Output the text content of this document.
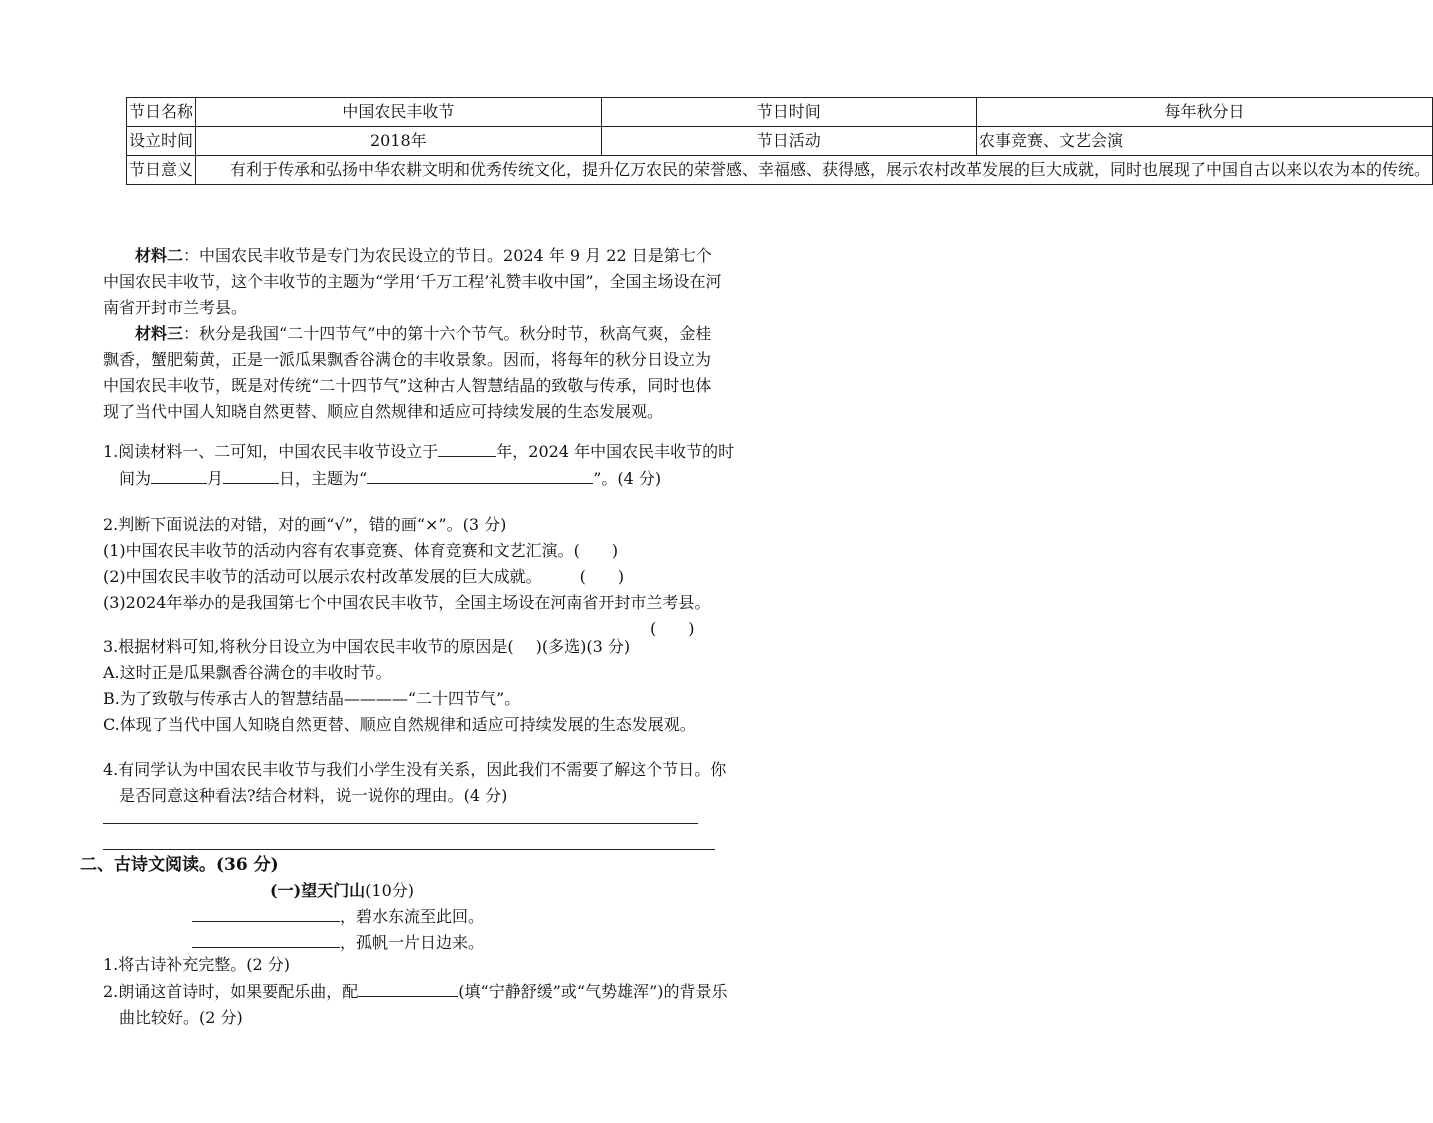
节日名称	中国农民丰收节	节日时间	每年秋分日
设立时间	2018年	节日活动	农事竞赛、文艺会演
节日意义	有利于传承和弘扬中华农耕文明和优秀传统文化，提升亿万农民的荣誉感、幸福感、获得感，展示农村改革发展的巨大成就，同时也展现了中国自古以来以农为本的传统。		

材料二：中国农民丰收节是专门为农民设立的节日。2024 年 9 月 22 日是第七个中国农民丰收节，这个丰收节的主题为“学用‘千万工程’礼赞丰收中国”，全国主场设在河南省开封市兰考县。

材料三：秋分是我国“二十四节气”中的第十六个节气。秋分时节，秋高气爽，金桂飘香，蟹肥菊黄，正是一派瓜果飘香谷满仓的丰收景象。因而，将每年的秋分日设立为中国农民丰收节，既是对传统“二十四节气”这种古人智慧结晶的致敬与传承，同时也体现了当代中国人知晓自然更替、顺应自然规律和适应可持续发展的生态发展观。

1.阅读材料一、二可知，中国农民丰收节设立于	年，2024 年中国农民丰收节的时间为	月	日，主题为“	”。(4 分)

2.判断下面说法的对错，对的画“√”，错的画“×”。(3 分)

(1)中国农民丰收节的活动内容有农事竞赛、体育竞赛和文艺汇演。( )

(2)中国农民丰收节的活动可以展示农村改革发展的巨大成就。 ( )

(3)2024年举办的是我国第七个中国农民丰收节，全国主场设在河南省开封市兰考县。

( )

3.根据材料可知,将秋分日设立为中国农民丰收节的原因是( )(多选)(3 分)

A.这时正是瓜果飘香谷满仓的丰收时节。

B.为了致敬与传承古人的智慧结晶————“二十四节气”。

C.体现了当代中国人知晓自然更替、顺应自然规律和适应可持续发展的生态发展观。

4.有同学认为中国农民丰收节与我们小学生没有关系，因此我们不需要了解这个节日。你是否同意这种看法?结合材料，说一说你的理由。(4 分)

二、古诗文阅读。(36 分)
(一)望天门山(10分)

，碧水东流至此回。

，孤帆一片日边来。

1.将古诗补充完整。(2 分)

2.朗诵这首诗时，如果要配乐曲，配	(填“宁静舒缓”或“气势雄浑”)的背景乐曲比较好。(2 分)
